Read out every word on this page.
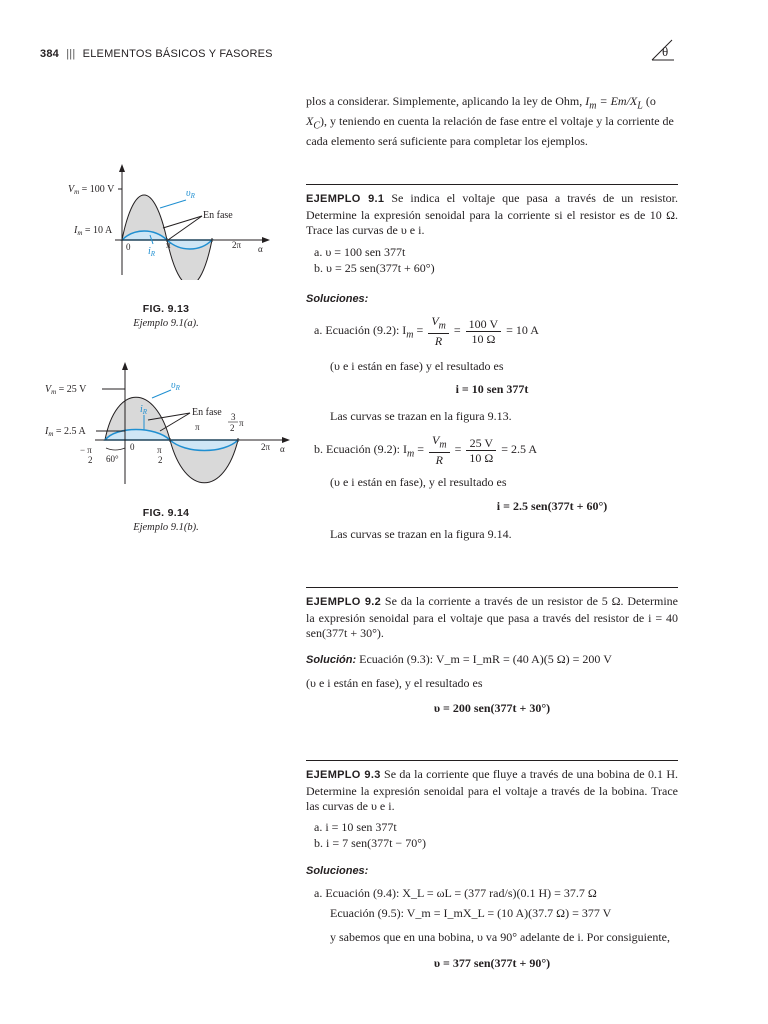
384 ||| ELEMENTOS BÁSICOS Y FASORES	θ
plos a considerar. Simplemente, aplicando la ley de Ohm, $I_m = Em/X_L$ (o $X_C$), y teniendo en cuenta la relación de fase entre el voltaje y la corriente de cada elemento será suficiente para completar los ejemplos.
EJEMPLO 9.1 Se indica el voltaje que pasa a través de un resistor. Determine la expresión senoidal para la corriente si el resistor es de 10 Ω. Trace las curvas de υ e i.
a. υ = 100 sen 377t
b. υ = 25 sen(377t + 60°)
Soluciones:
a. Ecuación (9.2): $I_m = \frac{V_m}{R} = \frac{100 V}{10 \Omega} = 10$ A
(υ e i están en fase) y el resultado es
i = 10 sen 377t
Las curvas se trazan en la figura 9.13.
b. Ecuación (9.2): $I_m = \frac{V_m}{R} = \frac{25 V}{10 \Omega} = 2.5$ A
(υ e i están en fase), y el resultado es
i = 2.5 sen(377t + 60°)
Las curvas se trazan en la figura 9.14.
EJEMPLO 9.2 Se da la corriente a través de un resistor de 5 Ω. Determine la expresión senoidal para el voltaje que pasa a través del resistor de i = 40 sen(377t + 30°).
Solución: Ecuación (9.3): V_m = I_mR = (40 A)(5 Ω) = 200 V
(υ e i están en fase), y el resultado es
υ = 200 sen(377t + 30°)
EJEMPLO 9.3 Se da la corriente que fluye a través de una bobina de 0.1 H. Determine la expresión senoidal para el voltaje a través de la bobina. Trace las curvas de υ e i.
a. i = 10 sen 377t
b. i = 7 sen(377t − 70°)
Soluciones:
a. Ecuación (9.4): X_L = ωL = (377 rad/s)(0.1 H) = 37.7 Ω
Ecuación (9.5): V_m = I_mX_L = (10 A)(37.7 Ω) = 377 V
y sabemos que en una bobina, υ va 90° adelante de i. Por consiguiente,
υ = 377 sen(377t + 90°)
$V_m = 100$ V
$I_m = 10$ A
0	π	2π α
$\upsilon_R$
En fase
$i_R$
FIG. 9.13
Ejemplo 9.1(a).
$V_m = 25$ V
$I_m = 2.5$ A
− π
2
0
60°
π
2
π
3
2 π
2π α
$\upsilon_R$
$i_R$	En fase
FIG. 9.14
Ejemplo 9.1(b).
